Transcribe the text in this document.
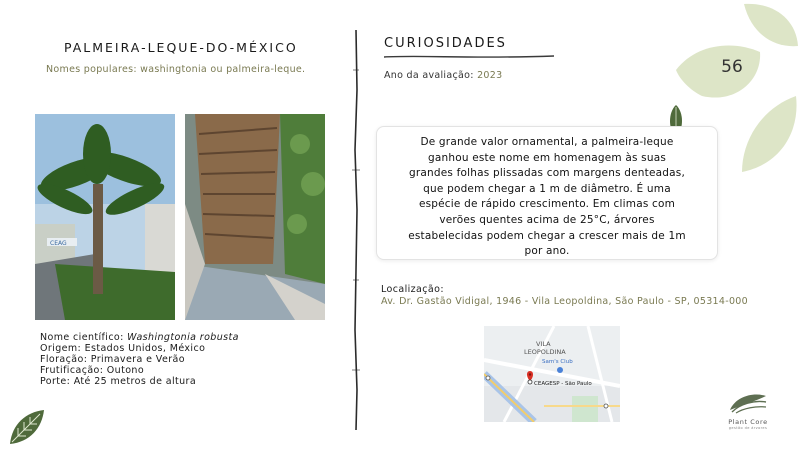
56
PALMEIRA-LEQUE-DO-MÉXICO
Nomes populares: washingtonia ou palmeira-leque.
CEAG
Nome científico: Washingtonia robusta
Origem: Estados Unidos, México
Floração: Primavera e Verão
Frutificação: Outono
Porte: Até 25 metros de altura
CURIOSIDADES
Ano da avaliação: 2023

De grande valor ornamental, a palmeira-leque ganhou este nome em homenagem às suas grandes folhas plissadas com margens denteadas, que podem chegar a 1 m de diâmetro. É uma espécie de rápido crescimento. Em climas com verões quentes acima de 25°C, árvores estabelecidas podem chegar a crescer mais de 1m por ano.

Localização:
Av. Dr. Gastão Vidigal, 1946 - Vila Leopoldina, São Paulo - SP, 05314-000
VILA
LEOPOLDINA
Sam's Club
CEAGESP - São Paulo
Plant Core
gestão de árvores
